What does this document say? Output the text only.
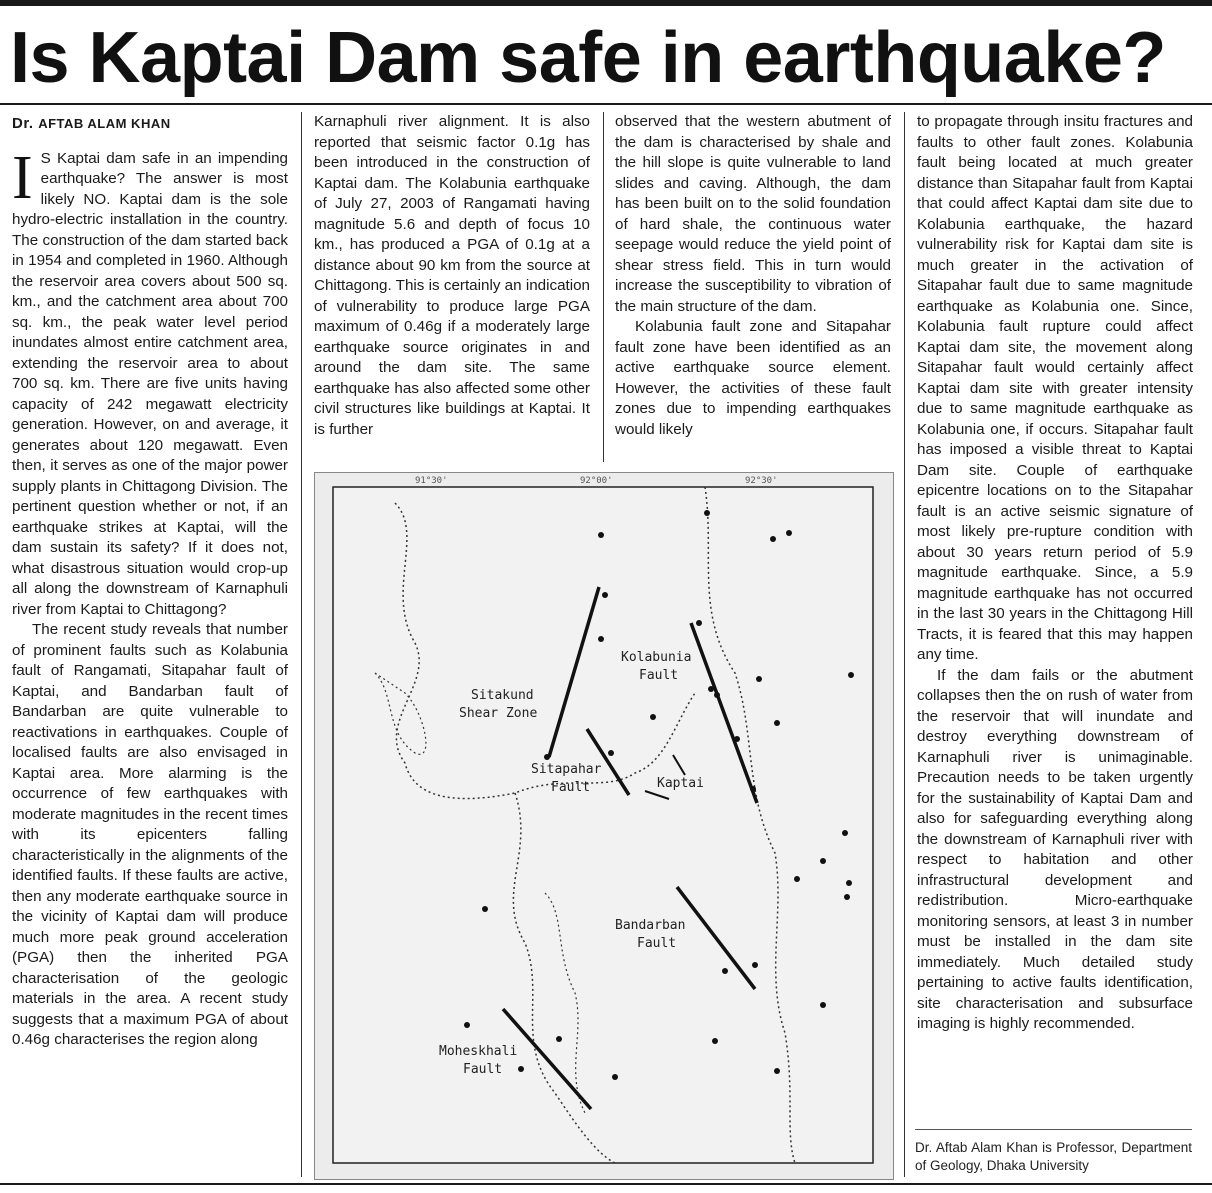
Is Kaptai Dam safe in earthquake?

Dr. AFTAB ALAM KHAN

I S Kaptai dam safe in an impending earthquake? The answer is most likely NO. Kaptai dam is the sole hydro-electric installation in the country. The construction of the dam started back in 1954 and completed in 1960. Although the reservoir area covers about 500 sq. km., and the catchment area about 700 sq. km., the peak water level period inundates almost entire catchment area, extending the reservoir area to about 700 sq. km. There are five units having capacity of 242 megawatt electricity generation. However, on and average, it generates about 120 megawatt. Even then, it serves as one of the major power supply plants in Chittagong Division. The pertinent question whether or not, if an earthquake strikes at Kaptai, will the dam sustain its safety? If it does not, what disastrous situation would crop-up all along the downstream of Karnaphuli river from Kaptai to Chittagong?

The recent study reveals that number of prominent faults such as Kolabunia fault of Rangamati, Sitapahar fault of Kaptai, and Bandarban fault of Bandarban are quite vulnerable to reactivations in earthquakes. Couple of localised faults are also envisaged in Kaptai area. More alarming is the occurrence of few earthquakes with moderate magnitudes in the recent times with its epicenters falling characteristically in the alignments of the identified faults. If these faults are active, then any moderate earthquake source in the vicinity of Kaptai dam will produce much more peak ground acceleration (PGA) then the inherited PGA characterisation of the geologic materials in the area. A recent study suggests that a maximum PGA of about 0.46g characterises the region along

Karnaphuli river alignment. It is also reported that seismic factor 0.1g has been introduced in the construction of Kaptai dam. The Kolabunia earthquake of July 27, 2003 of Rangamati having magnitude 5.6 and depth of focus 10 km., has produced a PGA of 0.1g at a distance about 90 km from the source at Chittagong. This is certainly an indication of vulnerability to produce large PGA maximum of 0.46g if a moderately large earthquake source originates in and around the dam site. The same earthquake has also affected some other civil structures like buildings at Kaptai. It is further

observed that the western abutment of the dam is characterised by shale and the hill slope is quite vulnerable to land slides and caving. Although, the dam has been built on to the solid foundation of hard shale, the continuous water seepage would reduce the yield point of shear stress field. This in turn would increase the susceptibility to vibration of the main structure of the dam.

Kolabunia fault zone and Sitapahar fault zone have been identified as an active earthquake source element. However, the activities of these fault zones due to impending earthquakes would likely

to propagate through insitu fractures and faults to other fault zones. Kolabunia fault being located at much greater distance than Sitapahar fault from Kaptai that could affect Kaptai dam site due to Kolabunia earthquake, the hazard vulnerability risk for Kaptai dam site is much greater in the activation of Sitapahar fault due to same magnitude earthquake as Kolabunia one. Since, Kolabunia fault rupture could affect Kaptai dam site, the movement along Sitapahar fault would certainly affect Kaptai dam site with greater intensity due to same magnitude earthquake as Kolabunia one, if occurs. Sitapahar fault has imposed a visible threat to Kaptai Dam site. Couple of earthquake epicentre locations on to the Sitapahar fault is an active seismic signature of most likely pre-rupture condition with about 30 years return period of 5.9 magnitude earthquake. Since, a 5.9 magnitude earthquake has not occurred in the last 30 years in the Chittagong Hill Tracts, it is feared that this may happen any time.

If the dam fails or the abutment collapses then the on rush of water from the reservoir that will inundate and destroy everything downstream of Karnaphuli river is unimaginable. Precaution needs to be taken urgently for the sustainability of Kaptai Dam and also for safeguarding everything along the downstream of Karnaphuli river with respect to habitation and other infrastructural development and redistribution. Micro-earthquake monitoring sensors, at least 3 in number must be installed in the dam site immediately. Much detailed study pertaining to active faults identification, site characterisation and subsurface imaging is highly recommended.

91°30'	92°00'	92°30'
Kolabunia
Fault
Sitakund
Shear Zone
Sitapahar
Fault	Kaptai
Bandarban
Fault
Moheskhali
Fault

Dr. Aftab Alam Khan is Professor, Department of Geology, Dhaka University
